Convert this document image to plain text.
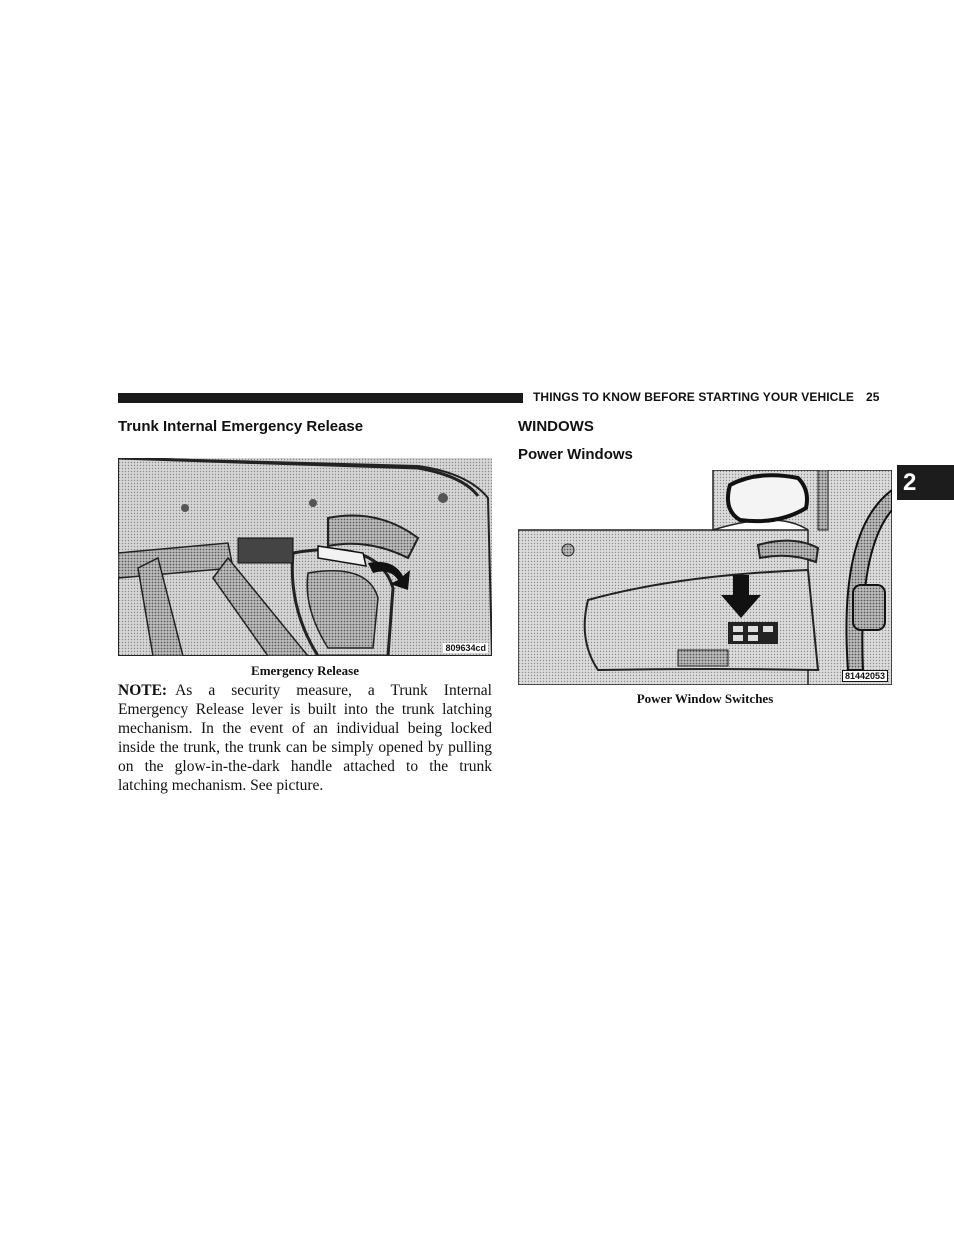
THINGS TO KNOW BEFORE STARTING YOUR VEHICLE 25
2
Trunk Internal Emergency Release
809634cd
Emergency Release

NOTE: As a security measure, a Trunk Internal Emergency Release lever is built into the trunk latching mechanism. In the event of an individual being locked inside the trunk, the trunk can be simply opened by pulling on the glow-in-the-dark handle attached to the trunk latching mechanism. See picture.

WINDOWS
Power Windows
81442053
Power Window Switches
